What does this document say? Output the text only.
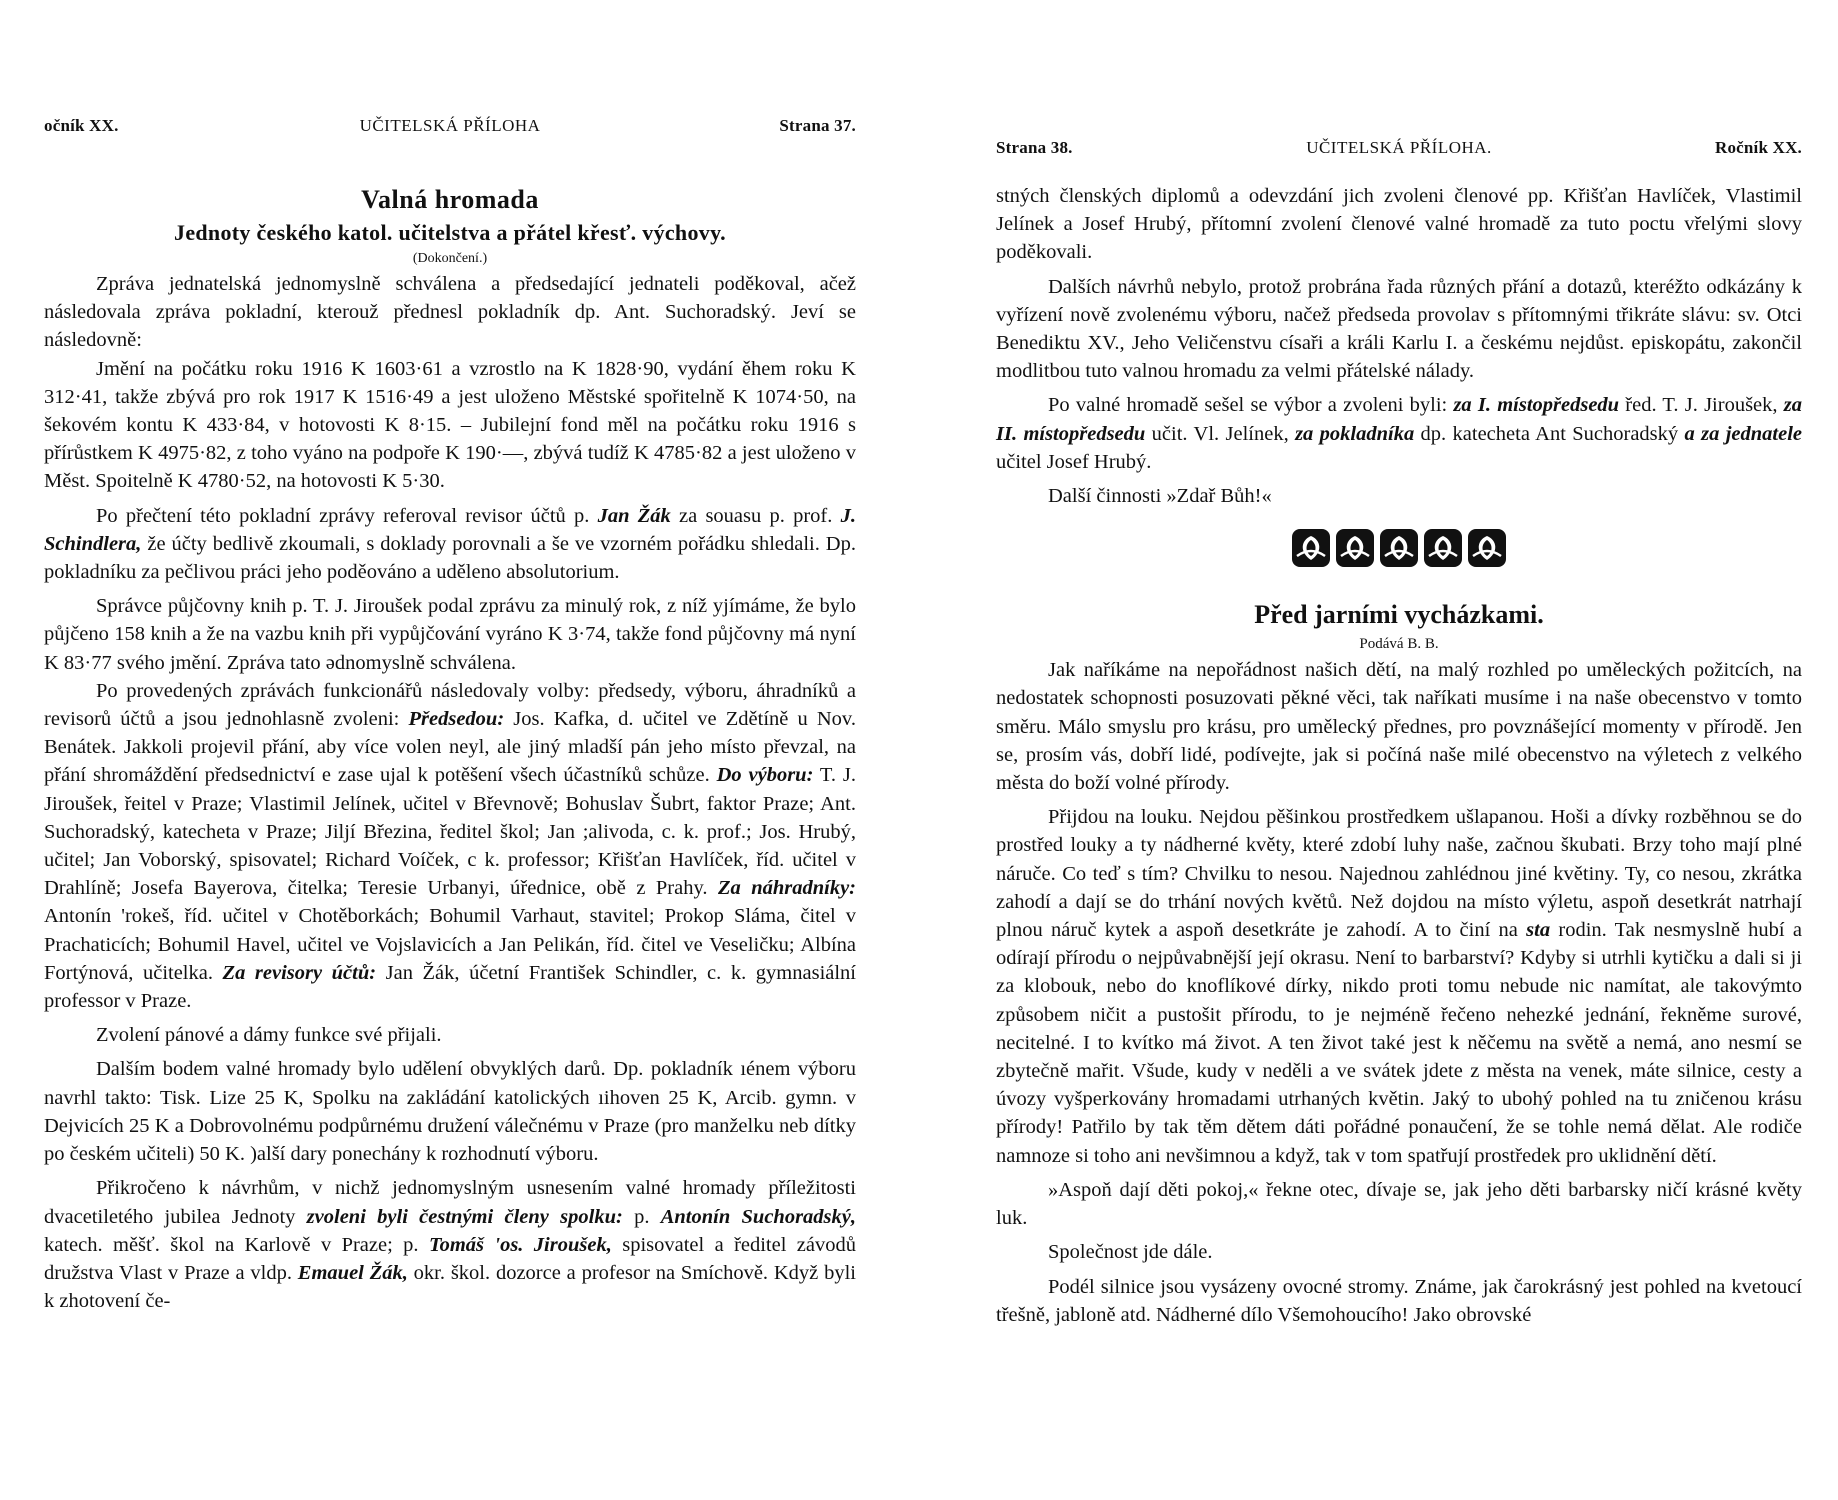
očník XX.	UČITELSKÁ PŘÍLOHA	Strana 37.
Valná hromada
Jednoty českého katol. učitelstva a přátel křesť. výchovy.

(Dokončení.)

Zpráva jednatelská jednomyslně schválena a předsedající jednateli poděkoval, ačež následovala zpráva pokladní, kterouž přednesl pokladník dp. Ant. Suchoradský. Jeví se následovně:

Jmění na počátku roku 1916 K 1603·61 a vzrostlo na K 1828·90, vydání ěhem roku K 312·41, takže zbývá pro rok 1917 K 1516·49 a jest uloženo Městské spořitelně K 1074·50, na šekovém kontu K 433·84, v hotovosti K 8·15. – Jubilejní fond měl na počátku roku 1916 s přírůstkem K 4975·82, z toho vyáno na podpoře K 190·—, zbývá tudíž K 4785·82 a jest uloženo v Měst. Spoitelně K 4780·52, na hotovosti K 5·30.

Po přečtení této pokladní zprávy referoval revisor účtů p. Jan Žák za souasu p. prof. J. Schindlera, že účty bedlivě zkoumali, s doklady porovnali a še ve vzorném pořádku shledali. Dp. pokladníku za pečlivou práci jeho poděováno a uděleno absolutorium.

Správce půjčovny knih p. T. J. Jiroušek podal zprávu za minulý rok, z níž yjímáme, že bylo půjčeno 158 knih a že na vazbu knih při vypůjčování vyráno K 3·74, takže fond půjčovny má nyní K 83·77 svého jmění. Zpráva tato ədnomyslně schválena.

Po provedených zprávách funkcionářů následovaly volby: předsedy, výboru, áhradníků a revisorů účtů a jsou jednohlasně zvoleni: Předsedou: Jos. Kafka, d. učitel ve Zdětíně u Nov. Benátek. Jakkoli projevil přání, aby více volen neyl, ale jiný mladší pán jeho místo převzal, na přání shromáždění předsednictví e zase ujal k potěšení všech účastníků schůze. Do výboru: T. J. Jiroušek, řeitel v Praze; Vlastimil Jelínek, učitel v Břevnově; Bohuslav Šubrt, faktor Praze; Ant. Suchoradský, katecheta v Praze; Jiljí Březina, ředitel škol; Jan ;alivoda, c. k. prof.; Jos. Hrubý, učitel; Jan Voborský, spisovatel; Richard Voíček, c k. professor; Křišťan Havlíček, říd. učitel v Drahlíně; Josefa Bayerova, čitelka; Teresie Urbanyi, úřednice, obě z Prahy. Za náhradníky: Antonín 'rokeš, říd. učitel v Chotěborkách; Bohumil Varhaut, stavitel; Prokop Sláma, čitel v Prachaticích; Bohumil Havel, učitel ve Vojslavicích a Jan Pelikán, říd. čitel ve Veseličku; Albína Fortýnová, učitelka. Za revisory účtů: Jan Žák, účetní František Schindler, c. k. gymnasiální professor v Praze.

Zvolení pánové a dámy funkce své přijali.

Dalším bodem valné hromady bylo udělení obvyklých darů. Dp. pokladník ıénem výboru navrhl takto: Tisk. Lize 25 K, Spolku na zakládání katolických ıihoven 25 K, Arcib. gymn. v Dejvicích 25 K a Dobrovolnému podpůrnému družení válečnému v Praze (pro manželku neb dítky po českém učiteli) 50 K. )alší dary ponechány k rozhodnutí výboru.

Přikročeno k návrhům, v nichž jednomyslným usnesením valné hromady příležitosti dvacetiletého jubilea Jednoty zvoleni byli čestnými členy spolku: p. Antonín Suchoradský, katech. měšť. škol na Karlově v Praze; p. Tomáš 'os. Jiroušek, spisovatel a ředitel závodů družstva Vlast v Praze a vldp. Emauel Žák, okr. škol. dozorce a profesor na Smíchově. Když byli k zhotovení če-

Strana 38.	UČITELSKÁ PŘÍLOHA.	Ročník XX.

stných členských diplomů a odevzdání jich zvoleni členové pp. Křišťan Havlíček, Vlastimil Jelínek a Josef Hrubý, přítomní zvolení členové valné hromadě za tuto poctu vřelými slovy poděkovali.

Dalších návrhů nebylo, protož probrána řada různých přání a dotazů, kteréžto odkázány k vyřízení nově zvolenému výboru, načež předseda provolav s přítomnými třikráte slávu: sv. Otci Benediktu XV., Jeho Veličenstvu císaři a králi Karlu I. a českému nejdůst. episkopátu, zakončil modlitbou tuto valnou hromadu za velmi přátelské nálady.

Po valné hromadě sešel se výbor a zvoleni byli: za I. místopředsedu řed. T. J. Jiroušek, za II. místopředsedu učit. Vl. Jelínek, za pokladníka dp. katecheta Ant Suchoradský a za jednatele učitel Josef Hrubý.

Další činnosti »Zdař Bůh!«

Před jarními vycházkami.

Podává B. B.

Jak naříkáme na nepořádnost našich dětí, na malý rozhled po uměleckých požitcích, na nedostatek schopnosti posuzovati pěkné věci, tak naříkati musíme i na naše obecenstvo v tomto směru. Málo smyslu pro krásu, pro umělecký přednes, pro povznášející momenty v přírodě. Jen se, prosím vás, dobří lidé, podívejte, jak si počíná naše milé obecenstvo na výletech z velkého města do boží volné přírody.

Přijdou na louku. Nejdou pěšinkou prostředkem ušlapanou. Hoši a dívky rozběhnou se do prostřed louky a ty nádherné květy, které zdobí luhy naše, začnou škubati. Brzy toho mají plné náruče. Co teď s tím? Chvilku to nesou. Najednou zahlédnou jiné květiny. Ty, co nesou, zkrátka zahodí a dají se do trhání nových květů. Než dojdou na místo výletu, aspoň desetkrát natrhají plnou náruč kytek a aspoň desetkráte je zahodí. A to činí na sta rodin. Tak nesmyslně hubí a odírají přírodu o nejpůvabnější její okrasu. Není to barbarství? Kdyby si utrhli kytičku a dali si ji za klobouk, nebo do knoflíkové dírky, nikdo proti tomu nebude nic namítat, ale takovýmto způsobem ničit a pustošit přírodu, to je nejméně řečeno nehezké jednání, řekněme surové, necitelné. I to kvítko má život. A ten život také jest k něčemu na světě a nemá, ano nesmí se zbytečně mařit. Všude, kudy v neděli a ve svátek jdete z města na venek, máte silnice, cesty a úvozy vyšperkovány hromadami utrhaných květin. Jaký to ubohý pohled na tu zničenou krásu přírody! Patřilo by tak těm dětem dáti pořádné ponaučení, že se tohle nemá dělat. Ale rodiče namnoze si toho ani nevšimnou a když, tak v tom spatřují prostředek pro uklidnění dětí.

»Aspoň dají děti pokoj,« řekne otec, dívaje se, jak jeho děti barbarsky ničí krásné květy luk.

Společnost jde dále.

Podél silnice jsou vysázeny ovocné stromy. Známe, jak čarokrásný jest pohled na kvetoucí třešně, jabloně atd. Nádherné dílo Všemohoucího! Jako obrovské
